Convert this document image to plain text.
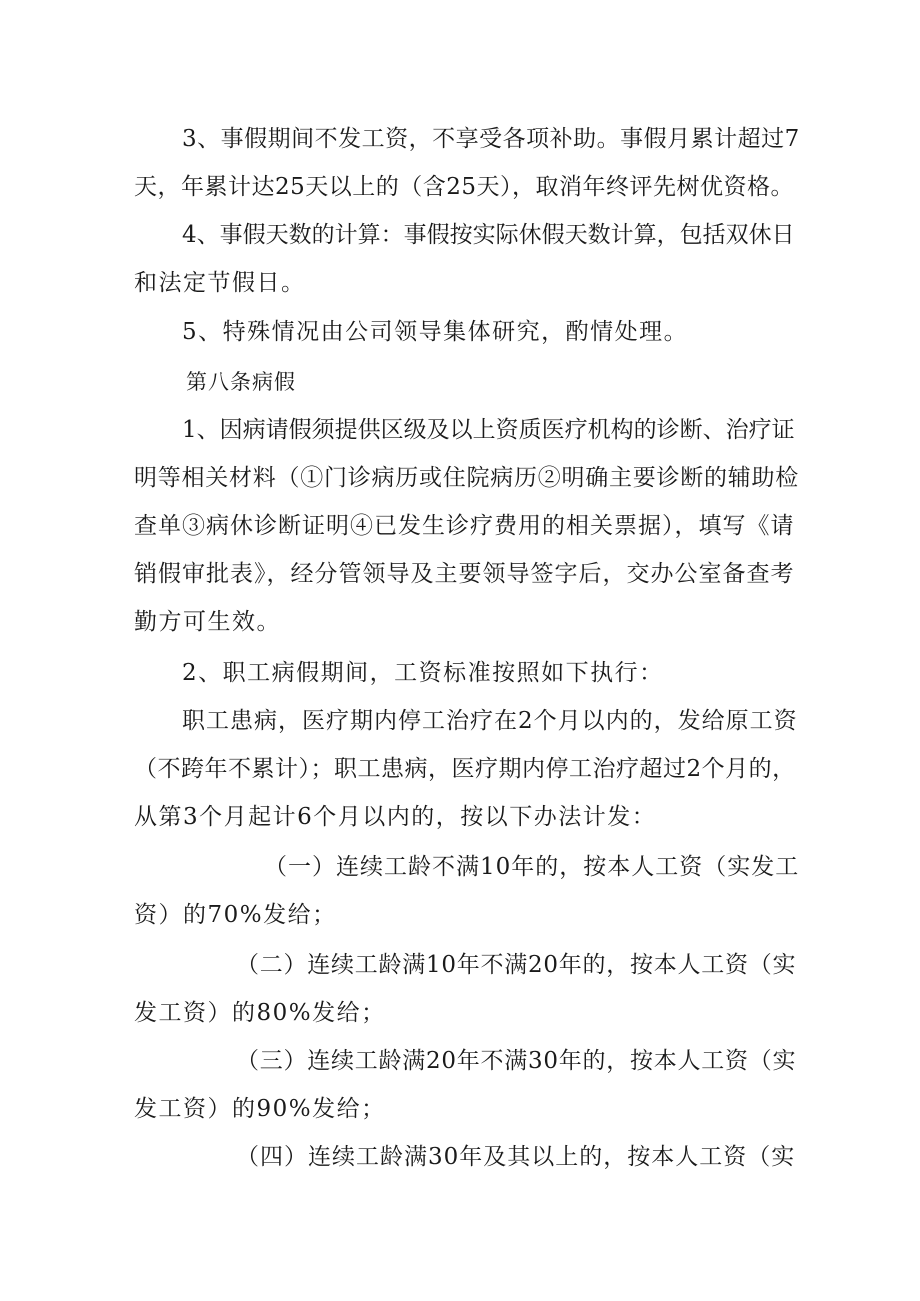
3、事假期间不发工资，不享受各项补助。事假月累计超过7
天，年累计达25天以上的（含25天），取消年终评先树优资格。
4、事假天数的计算：事假按实际休假天数计算，包括双休日
和法定节假日。
5、特殊情况由公司领导集体研究，酌情处理。
第八条病假
1、因病请假须提供区级及以上资质医疗机构的诊断、治疗证
明等相关材料（①门诊病历或住院病历②明确主要诊断的辅助检
查单③病休诊断证明④已发生诊疗费用的相关票据），填写《请
销假审批表》，经分管领导及主要领导签字后，交办公室备查考
勤方可生效。
2、职工病假期间，工资标准按照如下执行：
职工患病，医疗期内停工治疗在2个月以内的，发给原工资
（不跨年不累计）；职工患病，医疗期内停工治疗超过2个月的，
从第3个月起计6个月以内的，按以下办法计发：
（一）连续工龄不满10年的，按本人工资（实发工
资）的70%发给；
（二）连续工龄满10年不满20年的，按本人工资（实
发工资）的80%发给；
（三）连续工龄满20年不满30年的，按本人工资（实
发工资）的90%发给；
（四）连续工龄满30年及其以上的，按本人工资（实
